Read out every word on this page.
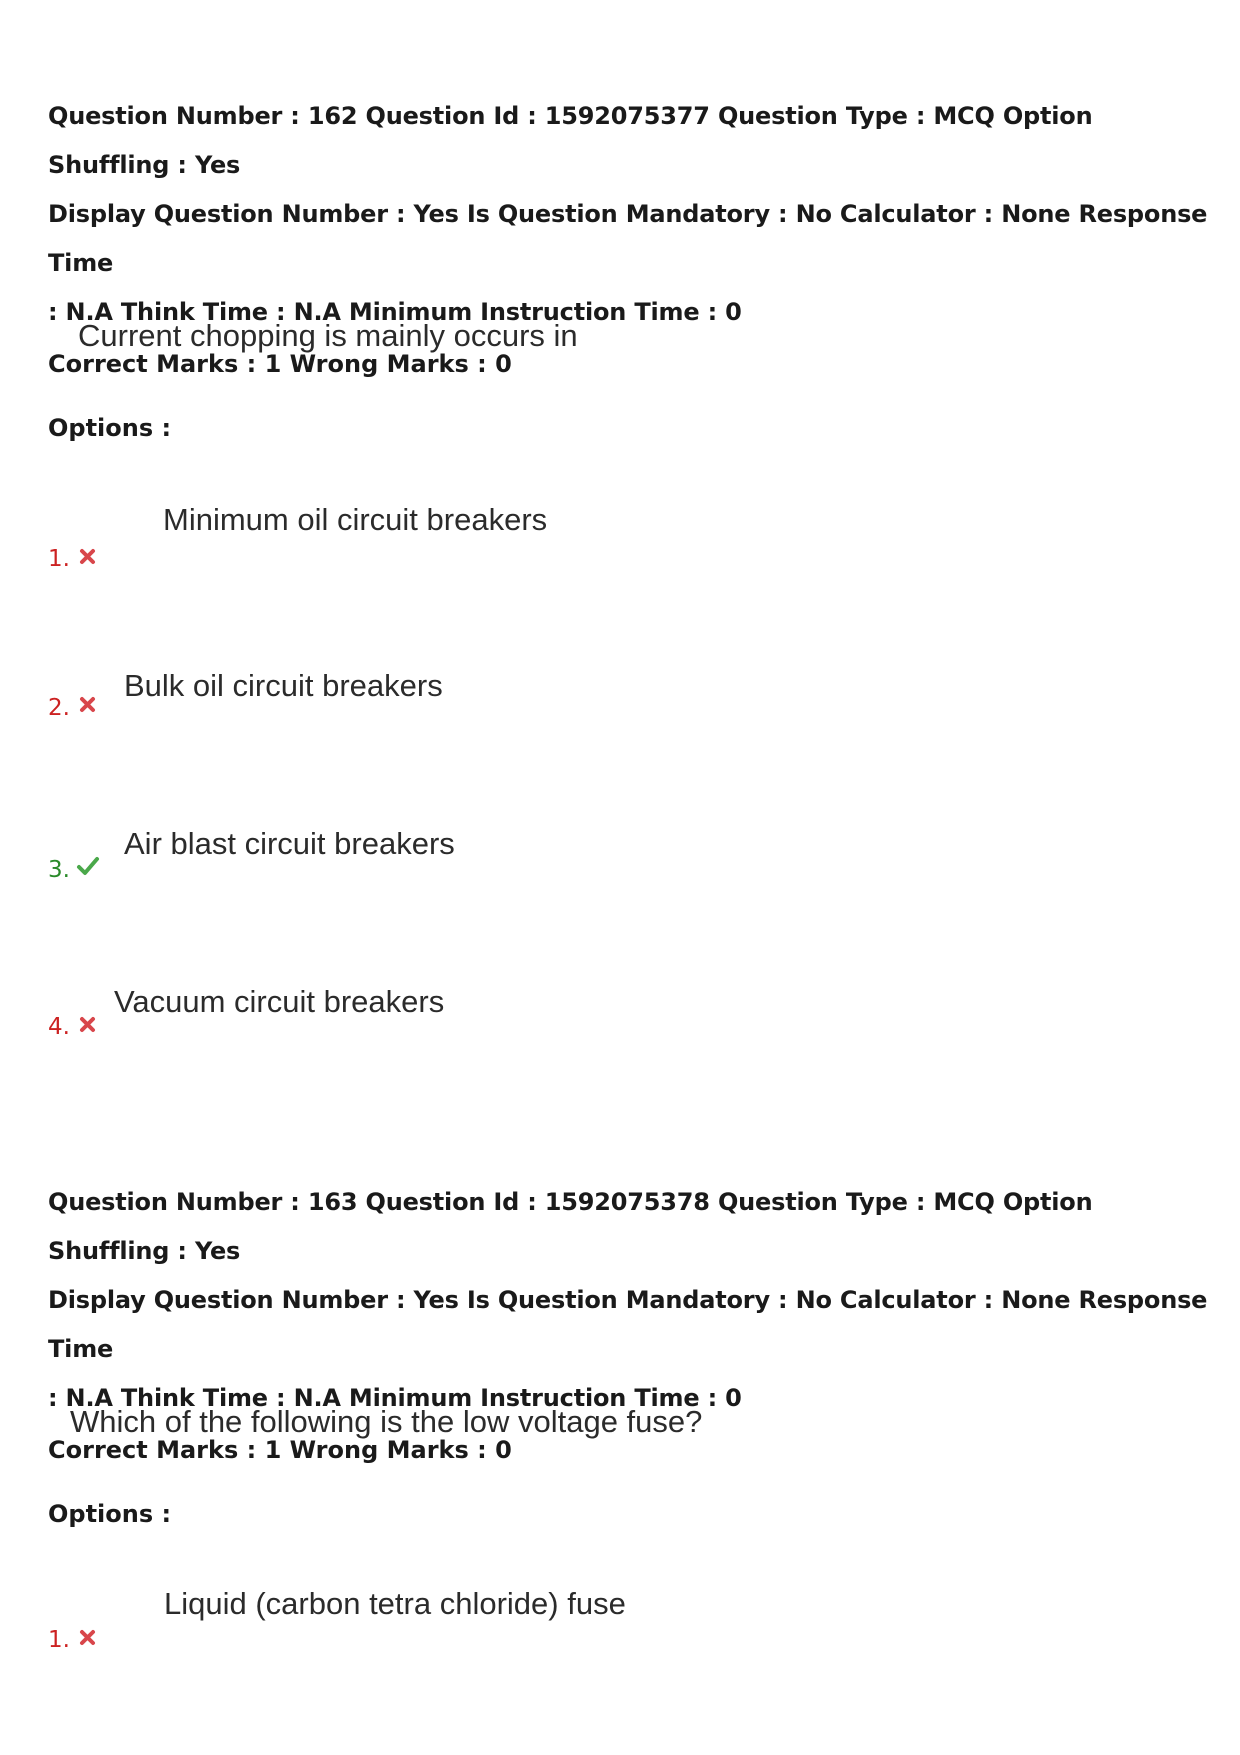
Question Number : 162 Question Id : 1592075377 Question Type : MCQ Option Shuffling : Yes

Display Question Number : Yes Is Question Mandatory : No Calculator : None Response Time

: N.A Think Time : N.A Minimum Instruction Time : 0

Correct Marks : 1 Wrong Marks : 0
Current chopping is mainly occurs in
Options :
Minimum oil circuit breakers
1.
Bulk oil circuit breakers
2.
Air blast circuit breakers
3.
Vacuum circuit breakers
4.

Question Number : 163 Question Id : 1592075378 Question Type : MCQ Option Shuffling : Yes

Display Question Number : Yes Is Question Mandatory : No Calculator : None Response Time

: N.A Think Time : N.A Minimum Instruction Time : 0

Correct Marks : 1 Wrong Marks : 0
Which of the following is the low voltage fuse?
Options :
Liquid (carbon tetra chloride) fuse
1.
